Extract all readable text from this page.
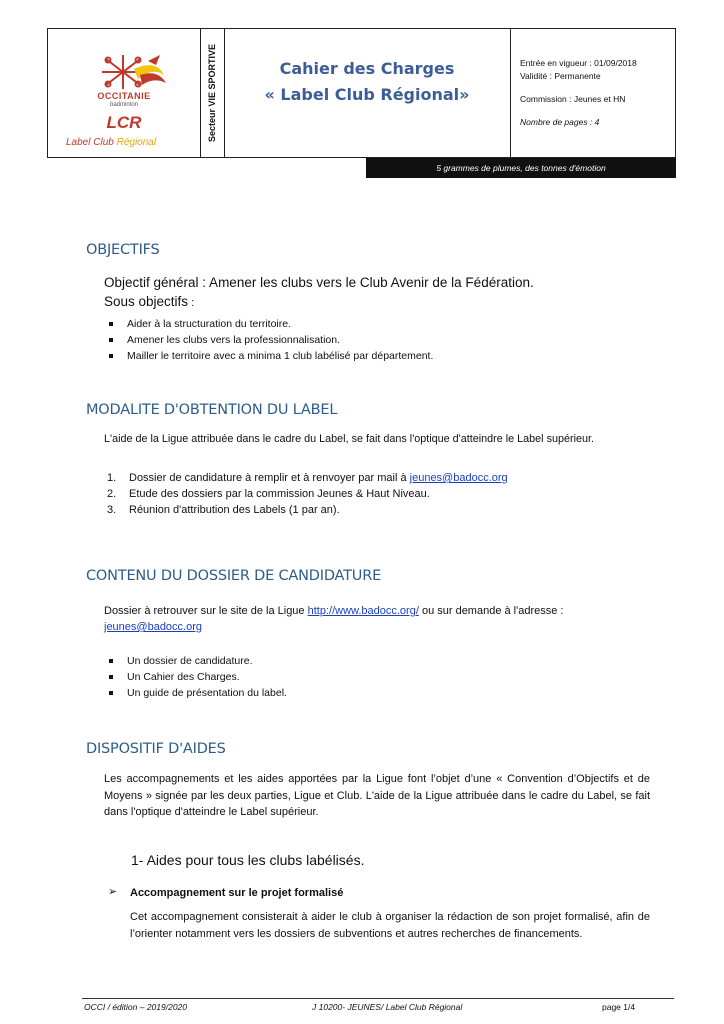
OCCITANIE
badminton
LCR
Label Club Régional
Secteur VIE SPORTIVE	Cahier des Charges
« Label Club Régional»
Entrée en vigueur : 01/09/2018
Validité : Permanente
Commission : Jeunes et HN
Nombre de pages : 4
5 grammes de plumes, des tonnes d'émotion
OBJECTIFS
Objectif général : Amener les clubs vers le Club Avenir de la Fédération.
Sous objectifs :
Aider à la structuration du territoire.
Amener les clubs vers la professionnalisation.
Mailler le territoire avec a minima 1 club labélisé par département.
MODALITE D'OBTENTION DU LABEL
L'aide de la Ligue attribuée dans le cadre du Label, se fait dans l'optique d'atteindre le Label supérieur.
1. Dossier de candidature à remplir et à renvoyer par mail à jeunes@badocc.org
2. Etude des dossiers par la commission Jeunes & Haut Niveau.
3. Réunion d'attribution des Labels (1 par an).
CONTENU DU DOSSIER DE CANDIDATURE
Dossier à retrouver sur le site de la Ligue http://www.badocc.org/ ou sur demande à l'adresse :
jeunes@badocc.org
Un dossier de candidature.
Un Cahier des Charges.
Un guide de présentation du label.
DISPOSITIF D'AIDES
Les accompagnements et les aides apportées par la Ligue font l’objet d’une « Convention d’Objectifs et de Moyens » signée par les deux parties, Ligue et Club. L'aide de la Ligue attribuée dans le cadre du Label, se fait dans l'optique d'atteindre le Label supérieur.
1- Aides pour tous les clubs labélisés.
➢ Accompagnement sur le projet formalisé
Cet accompagnement consisterait à aider le club à organiser la rédaction de son projet formalisé, afin de l’orienter notamment vers les dossiers de subventions et autres recherches de financements.
OCCI / édition – 2019/2020	J 10200- JEUNES/ Label Club Régional	page 1/4
